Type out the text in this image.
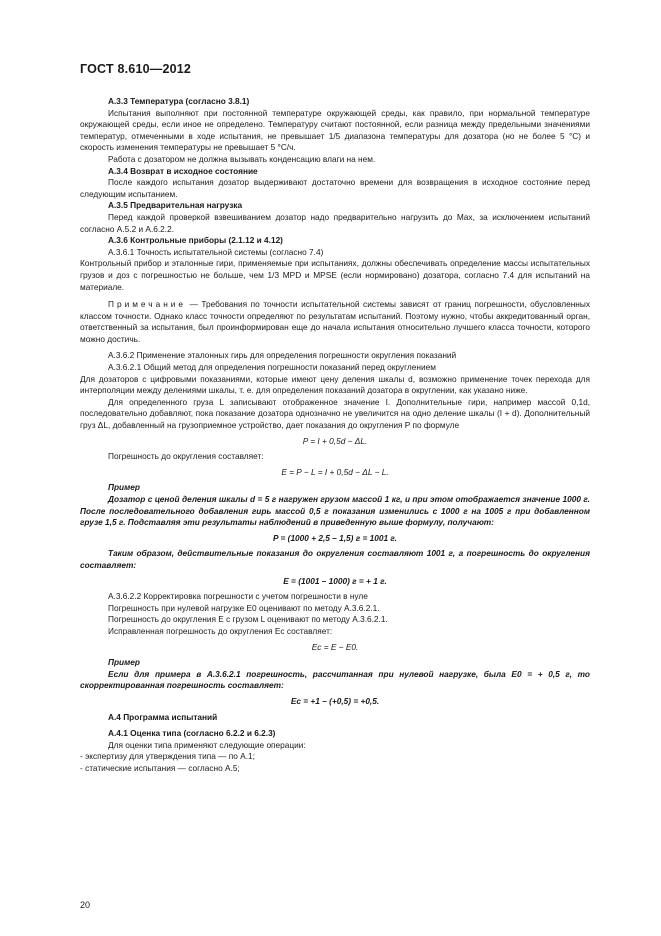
ГОСТ 8.610—2012

А.3.3 Температура (согласно 3.8.1)

Испытания выполняют при постоянной температуре окружающей среды, как правило, при нормальной температуре окружающей среды, если иное не определено. Температуру считают постоянной, если разница между предельными значениями температур, отмеченными в ходе испытания, не превышает 1/5 диапазона температуры для дозатора (но не более 5 °С) и скорость изменения температуры не превышает 5 °С/ч.

Работа с дозатором не должна вызывать конденсацию влаги на нем.

А.3.4 Возврат в исходное состояние

После каждого испытания дозатор выдерживают достаточно времени для возвращения в исходное состояние перед следующим испытанием.

А.3.5 Предварительная нагрузка

Перед каждой проверкой взвешиванием дозатор надо предварительно нагрузить до Max, за исключением испытаний согласно А.5.2 и А.6.2.2.

А.3.6 Контрольные приборы (2.1.12 и 4.12)

А.3.6.1 Точность испытательной системы (согласно 7.4)

Контрольный прибор и эталонные гири, применяемые при испытаниях, должны обеспечивать определение массы испытательных грузов и доз с погрешностью не больше, чем 1/3 MPD и MPSE (если нормировано) дозатора, согласно 7.4 для испытаний на материале.

Примечание — Требования по точности испытательной системы зависят от границ погрешности, обусловленных классом точности. Однако класс точности определяют по результатам испытаний. Поэтому нужно, чтобы аккредитованный орган, ответственный за испытания, был проинформирован еще до начала испытания относительно лучшего класса точности, которого можно достичь.

А.3.6.2 Применение эталонных гирь для определения погрешности округления показаний

А.3.6.2.1 Общий метод для определения погрешности показаний перед округлением

Для дозаторов с цифровыми показаниями, которые имеют цену деления шкалы d, возможно применение точек перехода для интерполяции между делениями шкалы, т. е. для определения показаний дозатора в округлении, как указано ниже.

Для определенного груза L записывают отображенное значение I. Дополнительные гири, например массой 0,1d, последовательно добавляют, пока показание дозатора однозначно не увеличится на одно деление шкалы (I + d). Дополнительный груз ΔL, добавленный на грузоприемное устройство, дает показания до округления P по формуле

P = I + 0,5d − ΔL.

Погрешность до округления составляет:

E = P − L = I + 0,5d − ΔL − L.

Пример

Дозатор с ценой деления шкалы d = 5 г нагружен грузом массой 1 кг, и при этом отображается значение 1000 г. После последовательного добавления гирь массой 0,5 г показания изменились с 1000 г на 1005 г при добавленном грузе 1,5 г. Подставляя эти результаты наблюдений в приведенную выше формулу, получают:

P = (1000 + 2,5 – 1,5) г = 1001 г.

Таким образом, действительные показания до округления составляют 1001 г, а погрешность до округления составляет:

E = (1001 – 1000) г = + 1 г.

А.3.6.2.2 Корректировка погрешности с учетом погрешности в нуле

Погрешность при нулевой нагрузке E0 оценивают по методу А.3.6.2.1.

Погрешность до округления E с грузом L оценивают по методу А.3.6.2.1.

Исправленная погрешность до округления Eс составляет:

Eс = E − E0.

Пример

Если для примера в А.3.6.2.1 погрешность, рассчитанная при нулевой нагрузке, была E0 = + 0,5 г, то скорректированная погрешность составляет:

Eс = +1 – (+0,5) = +0,5.

А.4 Программа испытаний

А.4.1 Оценка типа (согласно 6.2.2 и 6.2.3)

Для оценки типа применяют следующие операции:

- экспертизу для утверждения типа — по А.1;

- статические испытания — согласно А.5;

20
